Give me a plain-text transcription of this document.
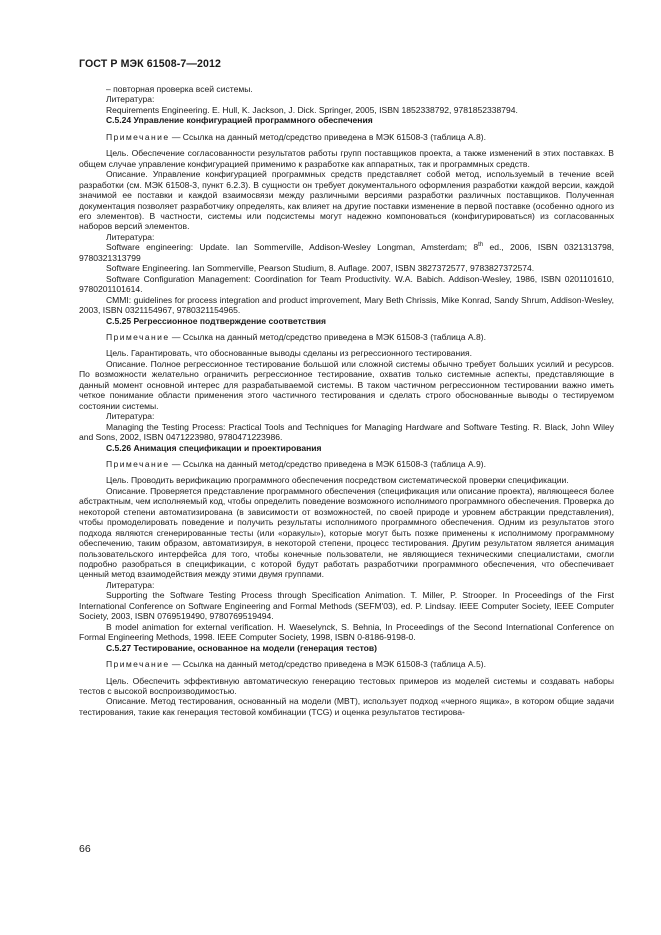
ГОСТ Р МЭК 61508-7—2012

– повторная проверка всей системы.

Литература:

Requirements Engineering. E. Hull, K. Jackson, J. Dick. Springer, 2005, ISBN 1852338792, 9781852338794.

C.5.24 Управление конфигурацией программного обеспечения

Примечание — Ссылка на данный метод/средство приведена в МЭК 61508-3 (таблица А.8).

Цель. Обеспечение согласованности результатов работы групп поставщиков проекта, а также изменений в этих поставках. В общем случае управление конфигурацией применимо к разработке как аппаратных, так и программных средств.

Описание. Управление конфигурацией программных средств представляет собой метод, используемый в течение всей разработки (см. МЭК 61508-3, пункт 6.2.3). В сущности он требует документального оформления разработки каждой версии, каждой значимой ее поставки и каждой взаимосвязи между различными версиями разработки различных поставщиков. Полученная документация позволяет разработчику определять, как влияет на другие поставки изменение в первой поставке (особенно одного из его элементов). В частности, системы или подсистемы могут надежно компоноваться (конфигурироваться) из согласованных наборов версий элементов.

Литература:

Software engineering: Update. Ian Sommerville, Addison-Wesley Longman, Amsterdam; 8th ed., 2006, ISBN 0321313798, 9780321313799

Software Engineering. Ian Sommerville, Pearson Studium, 8. Auflage. 2007, ISBN 3827372577, 9783827372574.

Software Configuration Management: Coordination for Team Productivity. W.A. Babich. Addison-Wesley, 1986, ISBN 0201101610, 9780201101614.

CMMI: guidelines for process integration and product improvement, Mary Beth Chrissis, Mike Konrad, Sandy Shrum, Addison-Wesley, 2003, ISBN 0321154967, 9780321154965.

C.5.25 Регрессионное подтверждение соответствия

Примечание — Ссылка на данный метод/средство приведена в МЭК 61508-3 (таблица А.8).

Цель. Гарантировать, что обоснованные выводы сделаны из регрессионного тестирования.

Описание. Полное регрессионное тестирование большой или сложной системы обычно требует больших усилий и ресурсов. По возможности желательно ограничить регрессионное тестирование, охватив только системные аспекты, представляющие в данный момент основной интерес для разрабатываемой системы. В таком частичном регрессионном тестировании важно иметь четкое понимание области применения этого частичного тестирования и сделать строго обоснованные выводы о тестируемом состоянии системы.

Литература:

Managing the Testing Process: Practical Tools and Techniques for Managing Hardware and Software Testing. R. Black, John Wiley and Sons, 2002, ISBN 0471223980, 9780471223986.

C.5.26 Анимация спецификации и проектирования

Примечание — Ссылка на данный метод/средство приведена в МЭК 61508-3 (таблица А.9).

Цель. Проводить верификацию программного обеспечения посредством систематической проверки спецификации.

Описание. Проверяется представление программного обеспечения (спецификация или описание проекта), являющееся более абстрактным, чем исполняемый код, чтобы определить поведение возможного исполнимого программного обеспечения. Проверка до некоторой степени автоматизирована (в зависимости от возможностей, по своей природе и уровнем абстракции представления), чтобы промоделировать поведение и получить результаты исполнимого программного обеспечения. Одним из результатов этого подхода являются сгенерированные тесты (или «оракулы»), которые могут быть позже применены к исполнимому программному обеспечению, таким образом, автоматизируя, в некоторой степени, процесс тестирования. Другим результатом является анимация пользовательского интерфейса для того, чтобы конечные пользователи, не являющиеся техническими специалистами, смогли подробно разобраться в спецификации, с которой будут работать разработчики программного обеспечения, что обеспечивает ценный метод взаимодействия между этими двумя группами.

Литература:

Supporting the Software Testing Process through Specification Animation. T. Miller, P. Strooper. In Proceedings of the First International Conference on Software Engineering and Formal Methods (SEFM'03), ed. P. Lindsay. IEEE Computer Society, IEEE Computer Society, 2003, ISBN 0769519490, 9780769519494.

B model animation for external verification. H. Waeselynck, S. Behnia, In Proceedings of the Second International Conference on Formal Engineering Methods, 1998. IEEE Computer Society, 1998, ISBN 0-8186-9198-0.

C.5.27 Тестирование, основанное на модели (генерация тестов)

Примечание — Ссылка на данный метод/средство приведена в МЭК 61508-3 (таблица А.5).

Цель. Обеспечить эффективную автоматическую генерацию тестовых примеров из моделей системы и создавать наборы тестов с высокой воспроизводимостью.

Описание. Метод тестирования, основанный на модели (MBT), использует подход «черного ящика», в котором общие задачи тестирования, такие как генерация тестовой комбинации (TCG) и оценка результатов тестирова-

66
